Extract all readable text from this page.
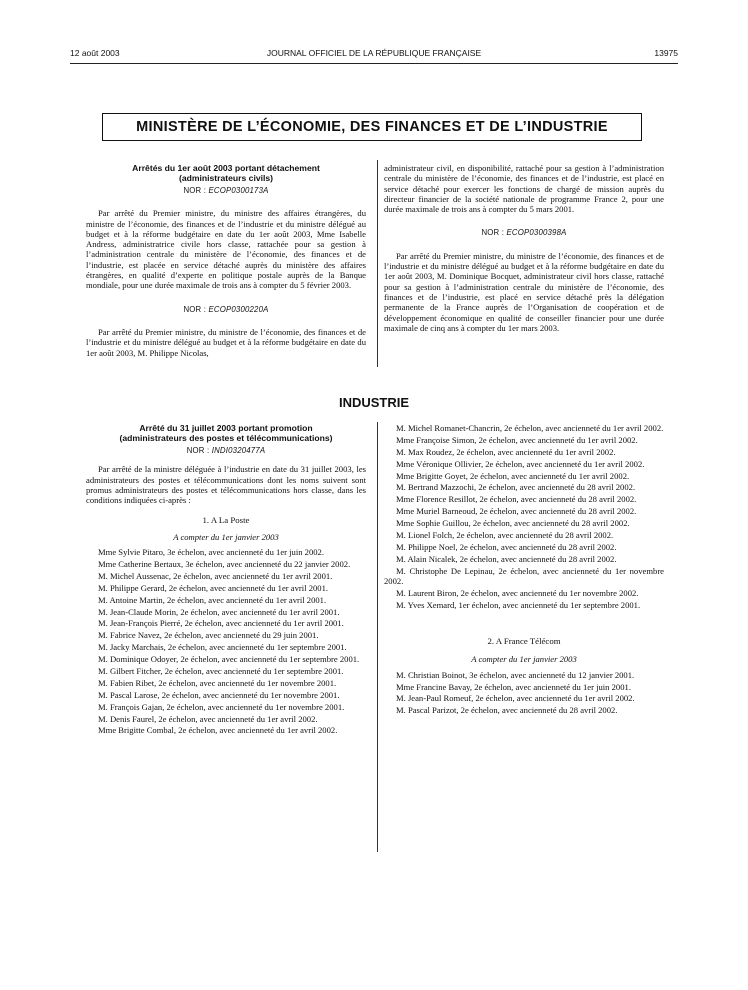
12 août 2003	JOURNAL OFFICIEL DE LA RÉPUBLIQUE FRANÇAISE	13975
MINISTÈRE DE L’ÉCONOMIE, DES FINANCES ET DE L’INDUSTRIE
Arrêtés du 1er août 2003 portant détachement
(administrateurs civils)
NOR : ECOP0300173A

Par arrêté du Premier ministre, du ministre des affaires étrangères, du ministre de l’économie, des finances et de l’industrie et du ministre délégué au budget et à la réforme budgétaire en date du 1er août 2003, Mme Isabelle Andress, administratrice civile hors classe, rattachée pour sa gestion à l’administration centrale du ministère de l’économie, des finances et de l’industrie, est placée en service détaché auprès du ministère des affaires étrangères, en qualité d’experte en politique postale auprès de la Banque mondiale, pour une durée maximale de trois ans à compter du 5 février 2003.

NOR : ECOP0300220A

Par arrêté du Premier ministre, du ministre de l’économie, des finances et de l’industrie et du ministre délégué au budget et à la réforme budgétaire en date du 1er août 2003, M. Philippe Nicolas,

administrateur civil, en disponibilité, rattaché pour sa gestion à l’administration centrale du ministère de l’économie, des finances et de l’industrie, est placé en service détaché pour exercer les fonctions de chargé de mission auprès du directeur financier de la société nationale de programme France 2, pour une durée maximale de trois ans à compter du 5 mars 2001.

NOR : ECOP0300398A

Par arrêté du Premier ministre, du ministre de l’économie, des finances et de l’industrie et du ministre délégué au budget et à la réforme budgétaire en date du 1er août 2003, M. Dominique Bocquet, administrateur civil hors classe, rattaché pour sa gestion à l’administration centrale du ministère de l’économie, des finances et de l’industrie, est placé en service détaché près la délégation permanente de la France auprès de l’Organisation de coopération et de développement économique en qualité de conseiller financier pour une durée maximale de cinq ans à compter du 1er mars 2003.

INDUSTRIE
Arrêté du 31 juillet 2003 portant promotion
(administrateurs des postes et télécommunications)
NOR : INDI0320477A

Par arrêté de la ministre déléguée à l’industrie en date du 31 juillet 2003, les administrateurs des postes et télécommunications dont les noms suivent sont promus administrateurs des postes et télécommunications hors classe, dans les conditions indiquées ci-après :

1. A La Poste
A compter du 1er janvier 2003

Mme Sylvie Pitaro, 3e échelon, avec ancienneté du 1er juin 2002.

Mme Catherine Bertaux, 3e échelon, avec ancienneté du 22 janvier 2002.

M. Michel Aussenac, 2e échelon, avec ancienneté du 1er avril 2001.

M. Philippe Gerard, 2e échelon, avec ancienneté du 1er avril 2001.

M. Antoine Martin, 2e échelon, avec ancienneté du 1er avril 2001.

M. Jean-Claude Morin, 2e échelon, avec ancienneté du 1er avril 2001.

M. Jean-François Pierré, 2e échelon, avec ancienneté du 1er avril 2001.

M. Fabrice Navez, 2e échelon, avec ancienneté du 29 juin 2001.

M. Jacky Marchais, 2e échelon, avec ancienneté du 1er septembre 2001.

M. Dominique Odoyer, 2e échelon, avec ancienneté du 1er septembre 2001.

M. Gilbert Fitcher, 2e échelon, avec ancienneté du 1er septembre 2001.

M. Fabien Ribet, 2e échelon, avec ancienneté du 1er novembre 2001.

M. Pascal Larose, 2e échelon, avec ancienneté du 1er novembre 2001.

M. François Gajan, 2e échelon, avec ancienneté du 1er novembre 2001.

M. Denis Faurel, 2e échelon, avec ancienneté du 1er avril 2002.

Mme Brigitte Combal, 2e échelon, avec ancienneté du 1er avril 2002.

M. Michel Romanet-Chancrin, 2e échelon, avec ancienneté du 1er avril 2002.

Mme Françoise Simon, 2e échelon, avec ancienneté du 1er avril 2002.

M. Max Roudez, 2e échelon, avec ancienneté du 1er avril 2002.

Mme Véronique Ollivier, 2e échelon, avec ancienneté du 1er avril 2002.

Mme Brigitte Goyet, 2e échelon, avec ancienneté du 1er avril 2002.

M. Bertrand Mazzochi, 2e échelon, avec ancienneté du 28 avril 2002.

Mme Florence Resillot, 2e échelon, avec ancienneté du 28 avril 2002.

Mme Muriel Barneoud, 2e échelon, avec ancienneté du 28 avril 2002.

Mme Sophie Guillou, 2e échelon, avec ancienneté du 28 avril 2002.

M. Lionel Folch, 2e échelon, avec ancienneté du 28 avril 2002.

M. Philippe Noel, 2e échelon, avec ancienneté du 28 avril 2002.

M. Alain Nicalek, 2e échelon, avec ancienneté du 28 avril 2002.

M. Christophe De Lepinau, 2e échelon, avec ancienneté du 1er novembre 2002.

M. Laurent Biron, 2e échelon, avec ancienneté du 1er novembre 2002.

M. Yves Xemard, 1er échelon, avec ancienneté du 1er septembre 2001.

2. A France Télécom
A compter du 1er janvier 2003

M. Christian Boinot, 3e échelon, avec ancienneté du 12 janvier 2001.

Mme Francine Bavay, 2e échelon, avec ancienneté du 1er juin 2001.

M. Jean-Paul Romeuf, 2e échelon, avec ancienneté du 1er avril 2002.

M. Pascal Parizot, 2e échelon, avec ancienneté du 28 avril 2002.
